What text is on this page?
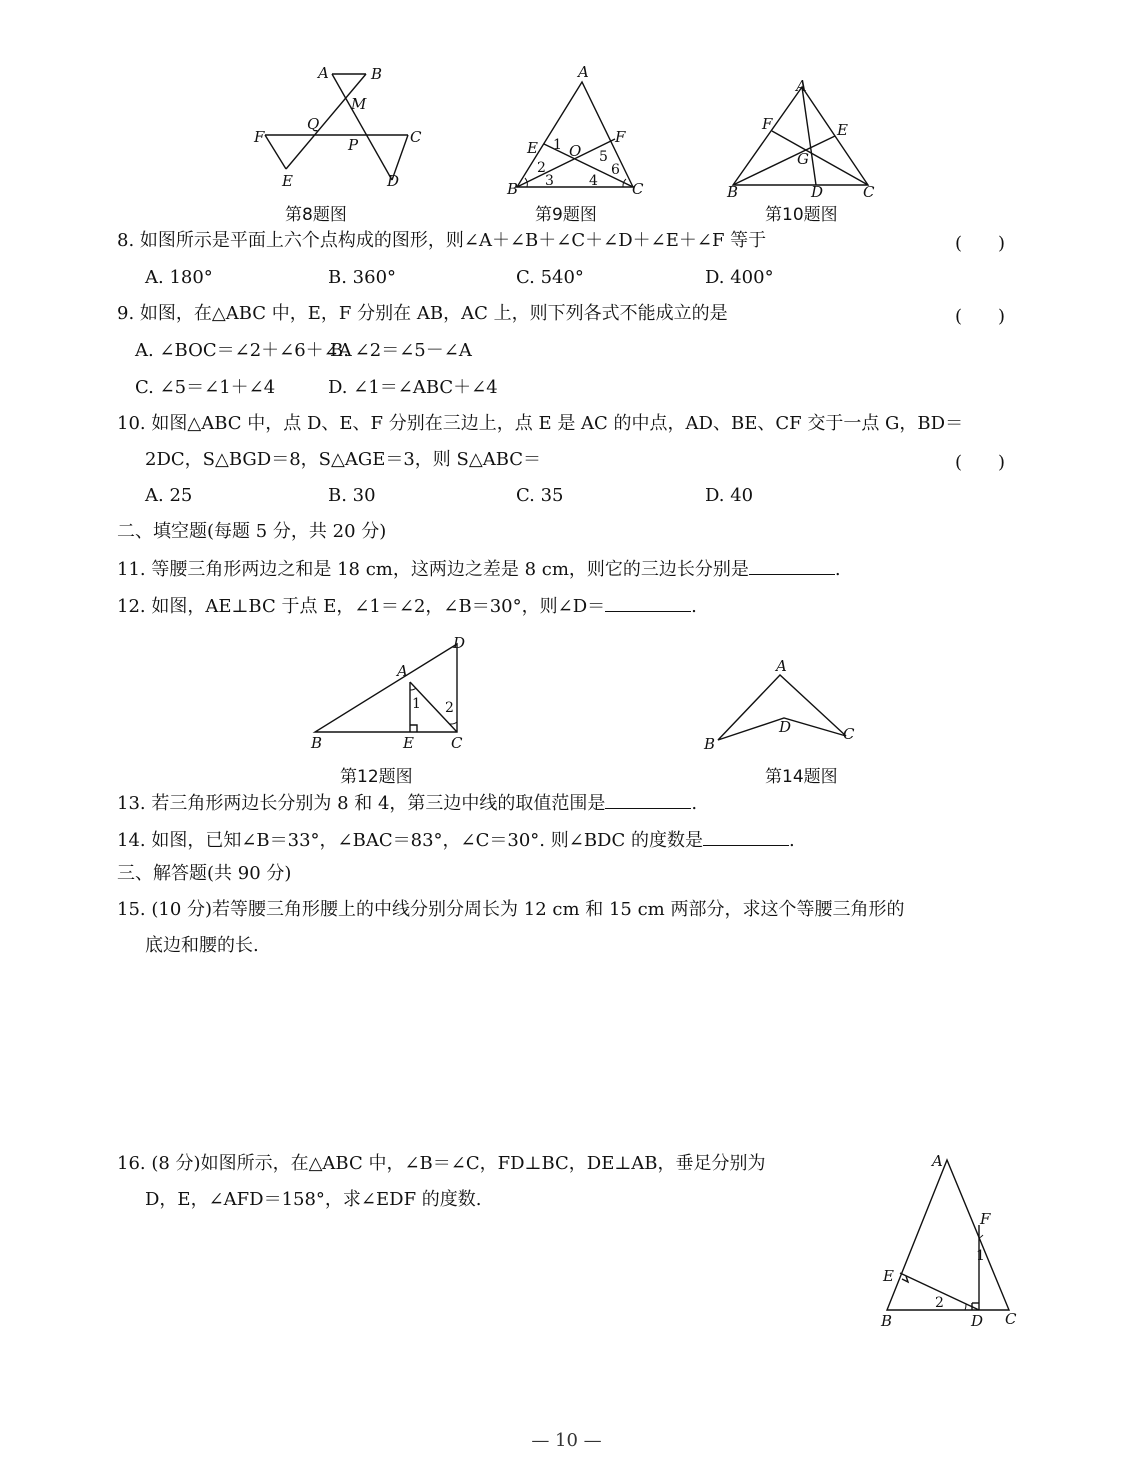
A	B
M
Q
F	P	C
E	D
第8题图
A
E
F
O
B	C
1
2
3	4
5
6
第9题图
A
F	E
G
B	D	C
第10题图
8. 如图所示是平面上六个点构成的图形，则∠A＋∠B＋∠C＋∠D＋∠E＋∠F 等于	(　　)
A. 180°	B. 360°	C. 540°	D. 400°
9. 如图，在△ABC 中，E，F 分别在 AB，AC 上，则下列各式不能成立的是	(　　)
A. ∠BOC＝∠2＋∠6＋∠A
B. ∠2＝∠5－∠A
C. ∠5＝∠1＋∠4	D. ∠1＝∠ABC＋∠4
10. 如图△ABC 中，点 D、E、F 分别在三边上，点 E 是 AC 的中点，AD、BE、CF 交于一点 G，BD＝
2DC，S△BGD＝8，S△AGE＝3，则 S△ABC＝	(　　)
A. 25	B. 30	C. 35	D. 40
二、填空题(每题 5 分，共 20 分)
11. 等腰三角形两边之和是 18 cm，这两边之差是 8 cm，则它的三边长分别是	.
12. 如图，AE⊥BC 于点 E，∠1＝∠2，∠B＝30°，则∠D＝	.
D
A
1 2
B	E C
第12题图
A
D
B
C
第14题图
13. 若三角形两边长分别为 8 和 4，第三边中线的取值范围是	.
14. 如图，已知∠B＝33°，∠BAC＝83°，∠C＝30°. 则∠BDC 的度数是	.
三、解答题(共 90 分)
15. (10 分)若等腰三角形腰上的中线分别分周长为 12 cm 和 15 cm 两部分，求这个等腰三角形的
底边和腰的长.
16. (8 分)如图所示，在△ABC 中，∠B＝∠C，FD⊥BC，DE⊥AB，垂足分别为
D，E，∠AFD＝158°，求∠EDF 的度数.
A
F
1
E
2
B	D C
— 10 —
